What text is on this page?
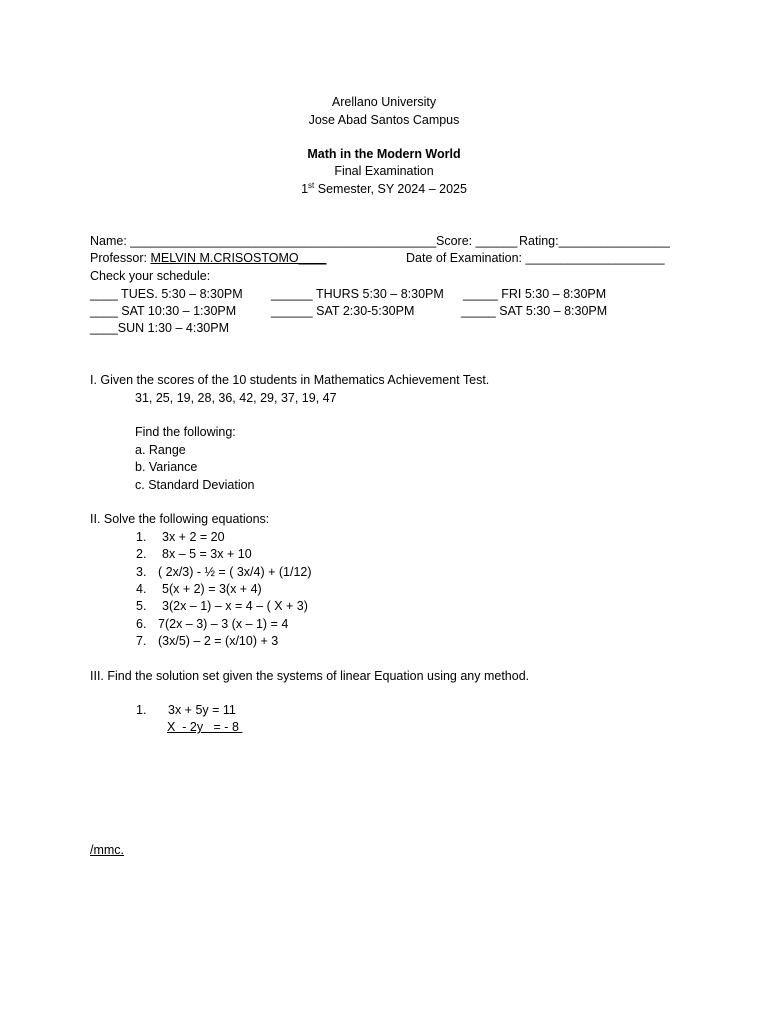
Arellano University
Jose Abad Santos Campus
Math in the Modern World
Final Examination
1st Semester, SY 2024 – 2025
Name: ____________________________________________ Score: ______ Rating:________________
Professor: MELVIN M.CRISOSTOMO____	Date of Examination: ____________________
Check your schedule:
____ TUES. 5:30 – 8:30PM ______ THURS 5:30 – 8:30PM _____ FRI 5:30 – 8:30PM
____ SAT 10:30 – 1:30PM	______ SAT 2:30-5:30PM	_____ SAT 5:30 – 8:30PM
____SUN 1:30 – 4:30PM
I. Given the scores of the 10 students in Mathematics Achievement Test.
31, 25, 19, 28, 36, 42, 29, 37, 19, 47
Find the following:
a. Range
b. Variance
c. Standard Deviation
II. Solve the following equations:
1. 3x + 2 = 20
2. 8x – 5 = 3x + 10
3. ( 2x/3) - ½ = ( 3x/4) + (1/12)
4. 5(x + 2) = 3(x + 4)
5. 3(2x – 1) – x = 4 – ( X + 3)
6. 7(2x – 3) – 3 (x – 1) = 4
7. (3x/5) – 2 = (x/10) + 3
III. Find the solution set given the systems of linear Equation using any method.
1. 3x + 5y = 11
X  - 2y   = - 8
/mmc.
